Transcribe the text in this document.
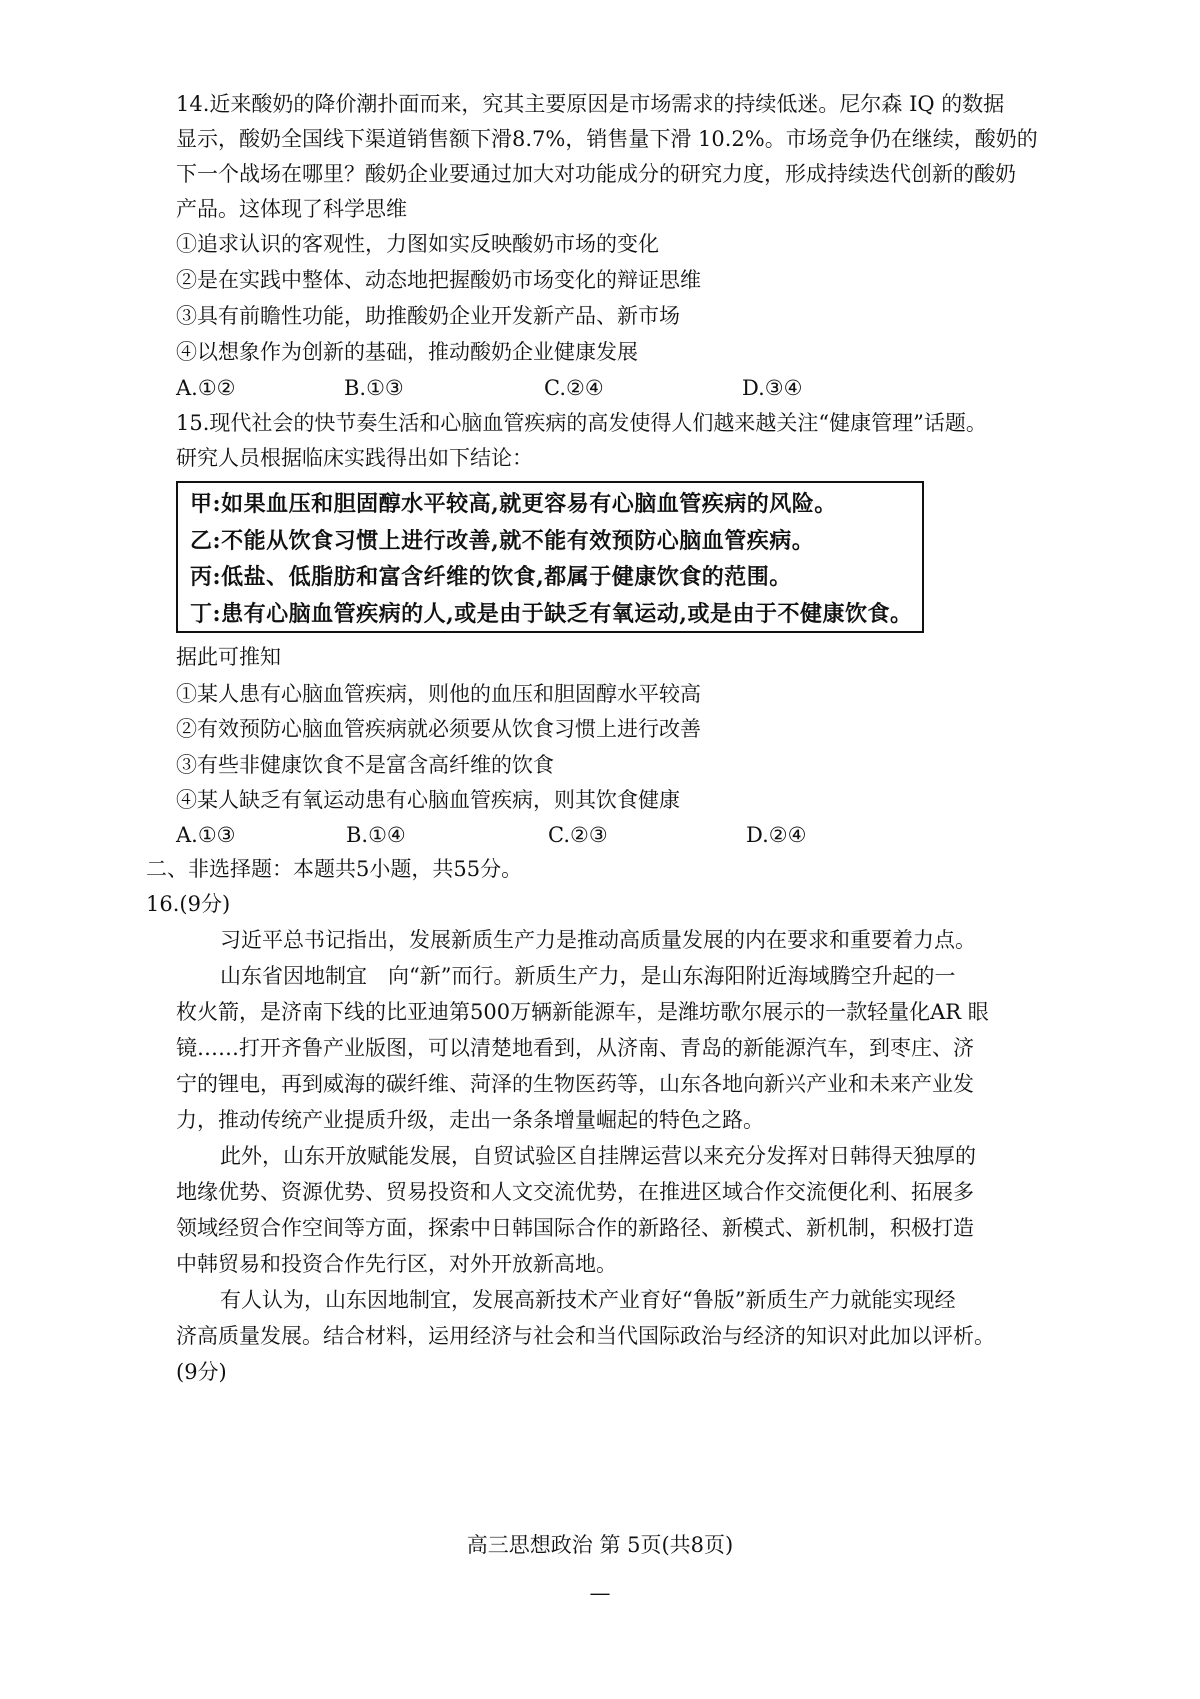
14.近来酸奶的降价潮扑面而来，究其主要原因是市场需求的持续低迷。尼尔森 IQ 的数据
显示，酸奶全国线下渠道销售额下滑8.7%，销售量下滑 10.2%。市场竞争仍在继续，酸奶的
下一个战场在哪里？酸奶企业要通过加大对功能成分的研究力度，形成持续迭代创新的酸奶
产品。这体现了科学思维
①追求认识的客观性，力图如实反映酸奶市场的变化
②是在实践中整体、动态地把握酸奶市场变化的辩证思维
③具有前瞻性功能，助推酸奶企业开发新产品、新市场
④以想象作为创新的基础，推动酸奶企业健康发展
A.①②	B.①③	C.②④	D.③④
15.现代社会的快节奏生活和心脑血管疾病的高发使得人们越来越关注“健康管理”话题。
研究人员根据临床实践得出如下结论：
甲:如果血压和胆固醇水平较高,就更容易有心脑血管疾病的风险。
乙:不能从饮食习惯上进行改善,就不能有效预防心脑血管疾病。
丙:低盐、低脂肪和富含纤维的饮食,都属于健康饮食的范围。
丁:患有心脑血管疾病的人,或是由于缺乏有氧运动,或是由于不健康饮食。
据此可推知
①某人患有心脑血管疾病，则他的血压和胆固醇水平较高
②有效预防心脑血管疾病就必须要从饮食习惯上进行改善
③有些非健康饮食不是富含高纤维的饮食
④某人缺乏有氧运动患有心脑血管疾病，则其饮食健康
A.①③	B.①④	C.②③	D.②④
二、非选择题：本题共5小题，共55分。
16.(9分)
习近平总书记指出，发展新质生产力是推动高质量发展的内在要求和重要着力点。
山东省因地制宜　向“新”而行。新质生产力，是山东海阳附近海域腾空升起的一
枚火箭，是济南下线的比亚迪第500万辆新能源车，是潍坊歌尔展示的一款轻量化AR 眼
镜……打开齐鲁产业版图，可以清楚地看到，从济南、青岛的新能源汽车，到枣庄、济
宁的锂电，再到威海的碳纤维、菏泽的生物医药等，山东各地向新兴产业和未来产业发
力，推动传统产业提质升级，走出一条条增量崛起的特色之路。
此外，山东开放赋能发展，自贸试验区自挂牌运营以来充分发挥对日韩得天独厚的
地缘优势、资源优势、贸易投资和人文交流优势，在推进区域合作交流便化利、拓展多
领域经贸合作空间等方面，探索中日韩国际合作的新路径、新模式、新机制，积极打造
中韩贸易和投资合作先行区，对外开放新高地。
有人认为，山东因地制宜，发展高新技术产业育好“鲁版”新质生产力就能实现经
济高质量发展。结合材料，运用经济与社会和当代国际政治与经济的知识对此加以评析。
(9分)
高三思想政治 第 5页(共8页)
—
